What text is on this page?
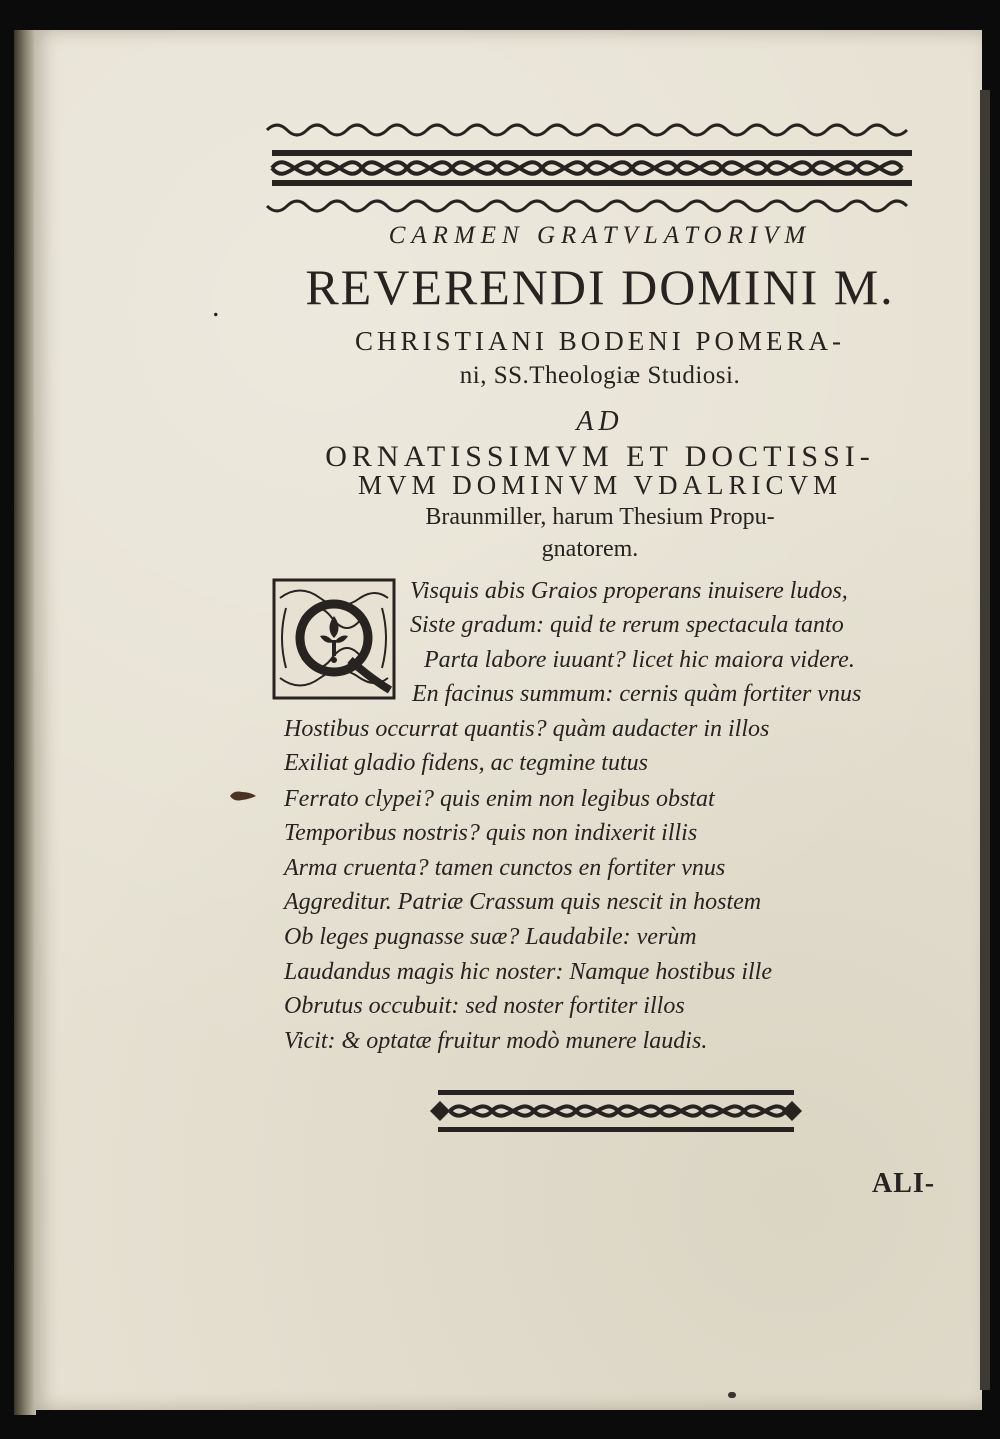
CARMEN GRATVLATORIVM
.	REVERENDI DOMINI M.
CHRISTIANI BODENI POMERA-
ni, SS.Theologiæ Studiosi.
AD
ORNATISSIMVM ET DOCTISSI-
MVM DOMINVM VDALRICVM
Braunmiller, harum Thesium Propu-
gnatorem.
Visquis abis Graios properans inuisere ludos,
Siste gradum: quid te rerum spectacula tanto
Parta labore iuuant? licet hic maiora videre.
En facinus summum: cernis quàm fortiter vnus
Hostibus occurrat quantis? quàm audacter in illos
Exiliat gladio fidens, ac tegmine tutus
Ferrato clypei? quis enim non legibus obstat
Temporibus nostris? quis non indixerit illis
Arma cruenta? tamen cunctos en fortiter vnus
Aggreditur. Patriæ Crassum quis nescit in hostem
Ob leges pugnasse suæ? Laudabile: verùm
Laudandus magis hic noster: Namque hostibus ille
Obrutus occubuit: sed noster fortiter illos
Vicit: & optatæ fruitur modò munere laudis.
ALI-
